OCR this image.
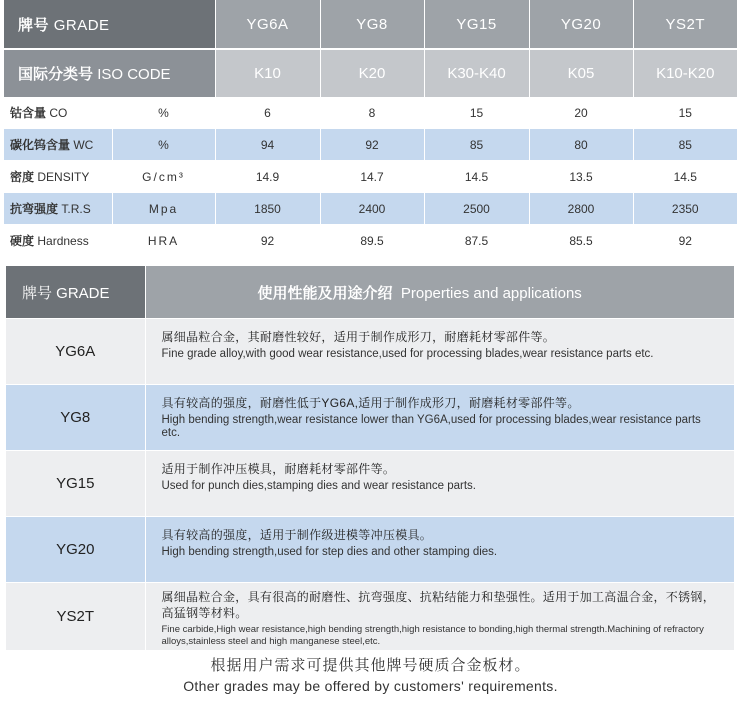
牌号 GRADE		YG6A	YG8	YG15	YG20	YS2T
国际分类号 ISO CODE		K10	K20	K30-K40	K05	K10-K20
钴含量 CO	%	6	8	15	20	15
碳化钨含量 WC	%	94	92	85	80	85
密度 DENSITY	G/cm³	14.9	14.7	14.5	13.5	14.5
抗弯强度 T.R.S	Mpa	1850	2400	2500	2800	2350
硬度 Hardness	HRA	92	89.5	87.5	85.5	92
牌号 GRADE	使用性能及用途介绍 Properties and applications
YG6A	属细晶粒合金，其耐磨性较好，适用于制作成形刀，耐磨耗材零部件等。
Fine grade alloy,with good wear resistance,used for processing blades,wear resistance parts etc.

YG8	具有较高的强度，耐磨性低于YG6A,适用于制作成形刀，耐磨耗材零部件等。
High bending strength,wear resistance lower than YG6A,used for processing blades,wear resistance parts etc.

YG15	适用于制作冲压模具，耐磨耗材零部件等。
Used for punch dies,stamping dies and wear resistance parts.

YG20	具有较高的强度，适用于制作级进模等冲压模具。
High bending strength,used for step dies and other stamping dies.

YS2T	属细晶粒合金，具有很高的耐磨性、抗弯强度、抗粘结能力和垫强性。适用于加工高温合金，不锈钢，高猛钢等材料。
Fine carbide,High wear resistance,high bending strength,high resistance to bonding,high thermal strength.Machining of refractory alloys,stainless steel and high manganese steel,etc.
根据用户需求可提供其他牌号硬质合金板材。
Other grades may be offered by customers' requirements.
